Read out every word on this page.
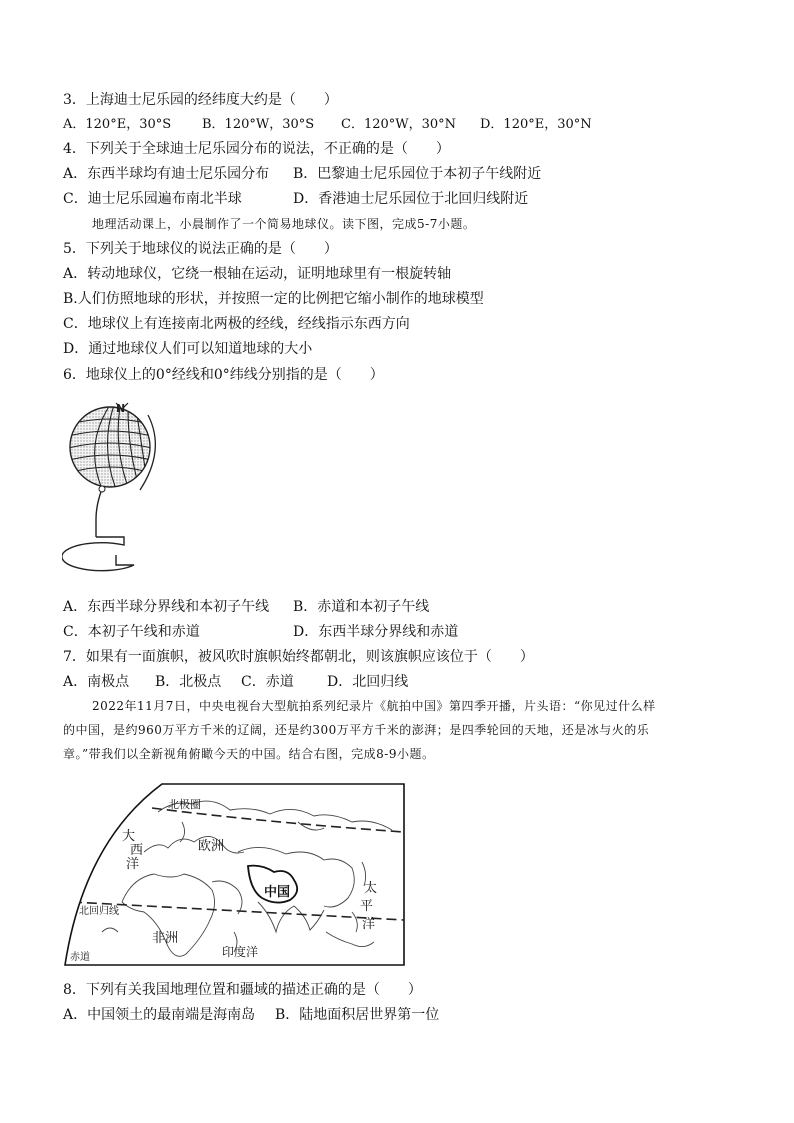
3．上海迪士尼乐园的经纬度大约是（　　）
A．120°E，30°S	B．120°W，30°S	C．120°W，30°N	D．120°E，30°N
4．下列关于全球迪士尼乐园分布的说法，不正确的是（　　）
A．东西半球均有迪士尼乐园分布	B．巴黎迪士尼乐园位于本初子午线附近
C．迪士尼乐园遍布南北半球	D．香港迪士尼乐园位于北回归线附近
地理活动课上，小晨制作了一个简易地球仪。读下图，完成5-7小题。
5．下列关于地球仪的说法正确的是（　　）
A．转动地球仪，它绕一根轴在运动，证明地球里有一根旋转轴
B.人们仿照地球的形状，并按照一定的比例把它缩小制作的地球模型
C．地球仪上有连接南北两极的经线，经线指示东西方向
D．通过地球仪人们可以知道地球的大小
6．地球仪上的0°经线和0°纬线分别指的是（　　）
N
A．东西半球分界线和本初子午线	B．赤道和本初子午线
C．本初子午线和赤道	D．东西半球分界线和赤道
7．如果有一面旗帜，被风吹时旗帜始终都朝北，则该旗帜应该位于（　　）
A．南极点	B．北极点	C．赤道	D．北回归线
2022年11月7日，中央电视台大型航拍系列纪录片《航拍中国》第四季开播，片头语：“你见过什么样
的中国，是约960万平方千米的辽阔，还是约300万平方千米的澎湃；是四季轮回的天地，还是冰与火的乐
章。”带我们以全新视角俯瞰今天的中国。结合右图，完成8-9小题。
北极圈
欧洲
中国
北回归线
非洲
印度洋
赤道
大
西
洋
太
平
洋
8．下列有关我国地理位置和疆域的描述正确的是（　　）
A．中国领土的最南端是海南岛	B．陆地面积居世界第一位
